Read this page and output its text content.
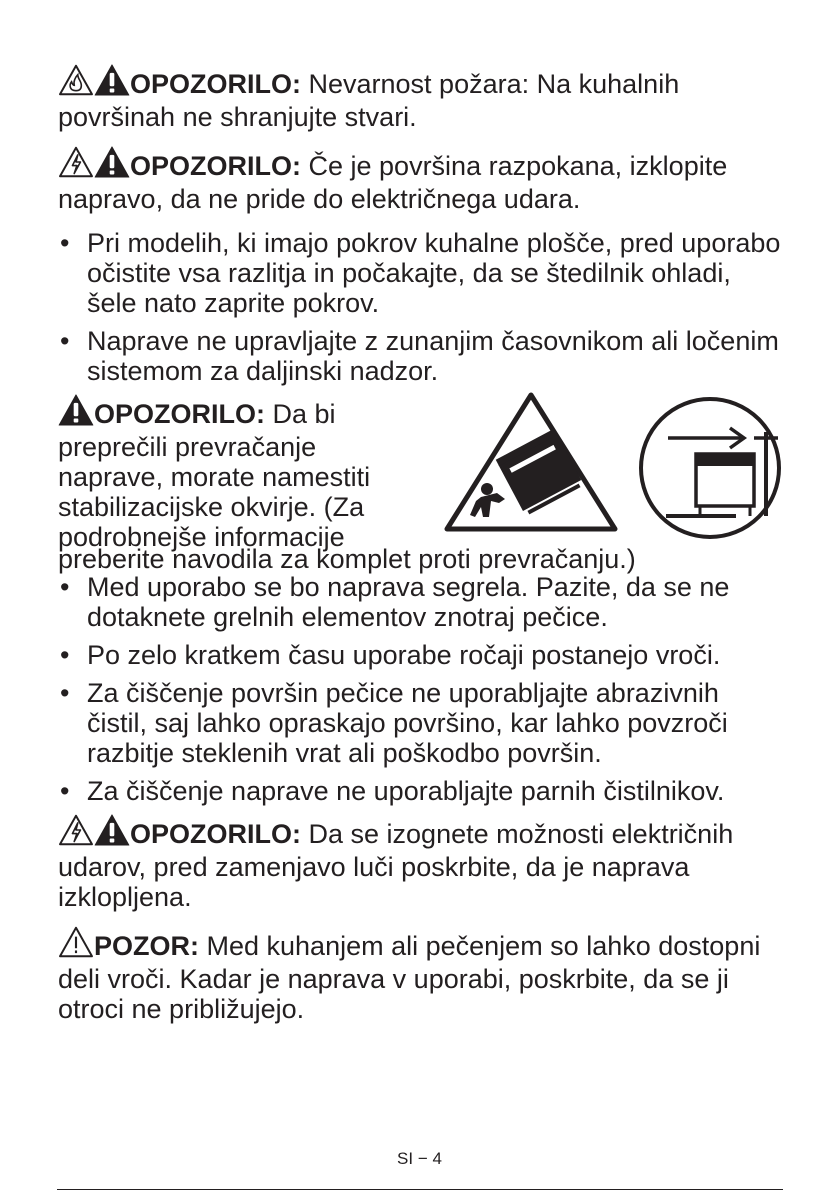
OPOZORILO: Nevarnost požara: Na kuhalnih površinah ne shranjujte stvari.

OPOZORILO: Če je površina razpokana, izklopite napravo, da ne pride do električnega udara.

• Pri modelih, ki imajo pokrov kuhalne plošče, pred uporabo očistite vsa razlitja in počakajte, da se štedilnik ohladi, šele nato zaprite pokrov.
• Naprave ne upravljajte z zunanjim časovnikom ali ločenim sistemom za daljinski nadzor.
OPOZORILO: Da bi preprečili prevračanje naprave, morate namestiti stabilizacijske okvirje. (Za podrobnejše informacije
preberite navodila za komplet proti prevračanju.)
• Med uporabo se bo naprava segrela. Pazite, da se ne dotaknete grelnih elementov znotraj pečice.
• Po zelo kratkem času uporabe ročaji postanejo vroči.
• Za čiščenje površin pečice ne uporabljajte abrazivnih čistil, saj lahko opraskajo površino, kar lahko povzroči razbitje steklenih vrat ali poškodbo površin.
• Za čiščenje naprave ne uporabljajte parnih čistilnikov.

OPOZORILO: Da se izognete možnosti električnih udarov, pred zamenjavo luči poskrbite, da je naprava izklopljena.

POZOR: Med kuhanjem ali pečenjem so lahko dostopni deli vroči. Kadar je naprava v uporabi, poskrbite, da se ji otroci ne približujejo.

SI − 4
